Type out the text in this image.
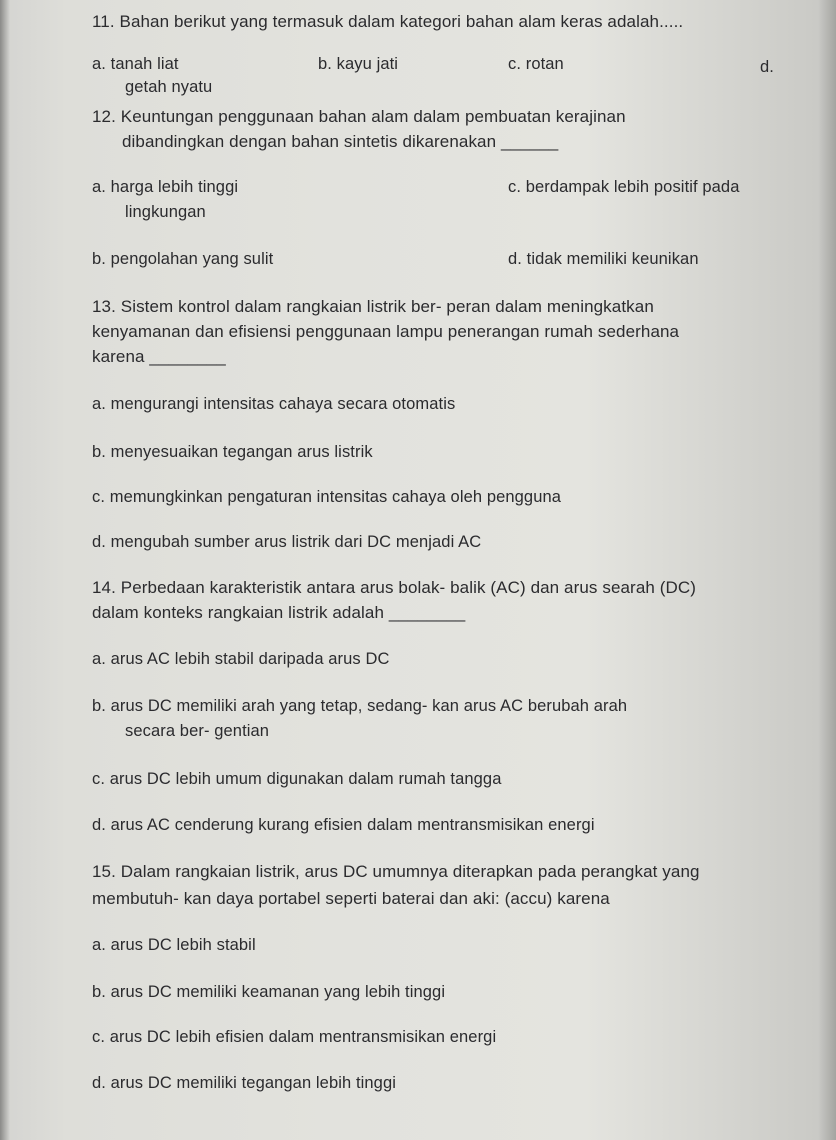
11. Bahan berikut yang termasuk dalam kategori bahan alam keras adalah.....
a. tanah liat	b. kayu jati	c. rotan	d.
getah nyatu
12. Keuntungan penggunaan bahan alam dalam pembuatan kerajinan
dibandingkan dengan bahan sintetis dikarenakan ______
a. harga lebih tinggi	c. berdampak lebih positif pada
lingkungan
b. pengolahan yang sulit	d. tidak memiliki keunikan
13. Sistem kontrol dalam rangkaian listrik ber- peran dalam meningkatkan
kenyamanan dan efisiensi penggunaan lampu penerangan rumah sederhana
karena ________
a. mengurangi intensitas cahaya secara otomatis
b. menyesuaikan tegangan arus listrik
c. memungkinkan pengaturan intensitas cahaya oleh pengguna
d. mengubah sumber arus listrik dari DC menjadi AC
14. Perbedaan karakteristik antara arus bolak- balik (AC) dan arus searah (DC)
dalam konteks rangkaian listrik adalah ________
a. arus AC lebih stabil daripada arus DC
b. arus DC memiliki arah yang tetap, sedang- kan arus AC berubah arah
secara ber- gentian
c. arus DC lebih umum digunakan dalam rumah tangga
d. arus AC cenderung kurang efisien dalam mentransmisikan energi
15. Dalam rangkaian listrik, arus DC umumnya diterapkan pada perangkat yang
membutuh- kan daya portabel seperti baterai dan aki: (accu) karena
a. arus DC lebih stabil
b. arus DC memiliki keamanan yang lebih tinggi
c. arus DC lebih efisien dalam mentransmisikan energi
d. arus DC memiliki tegangan lebih tinggi
